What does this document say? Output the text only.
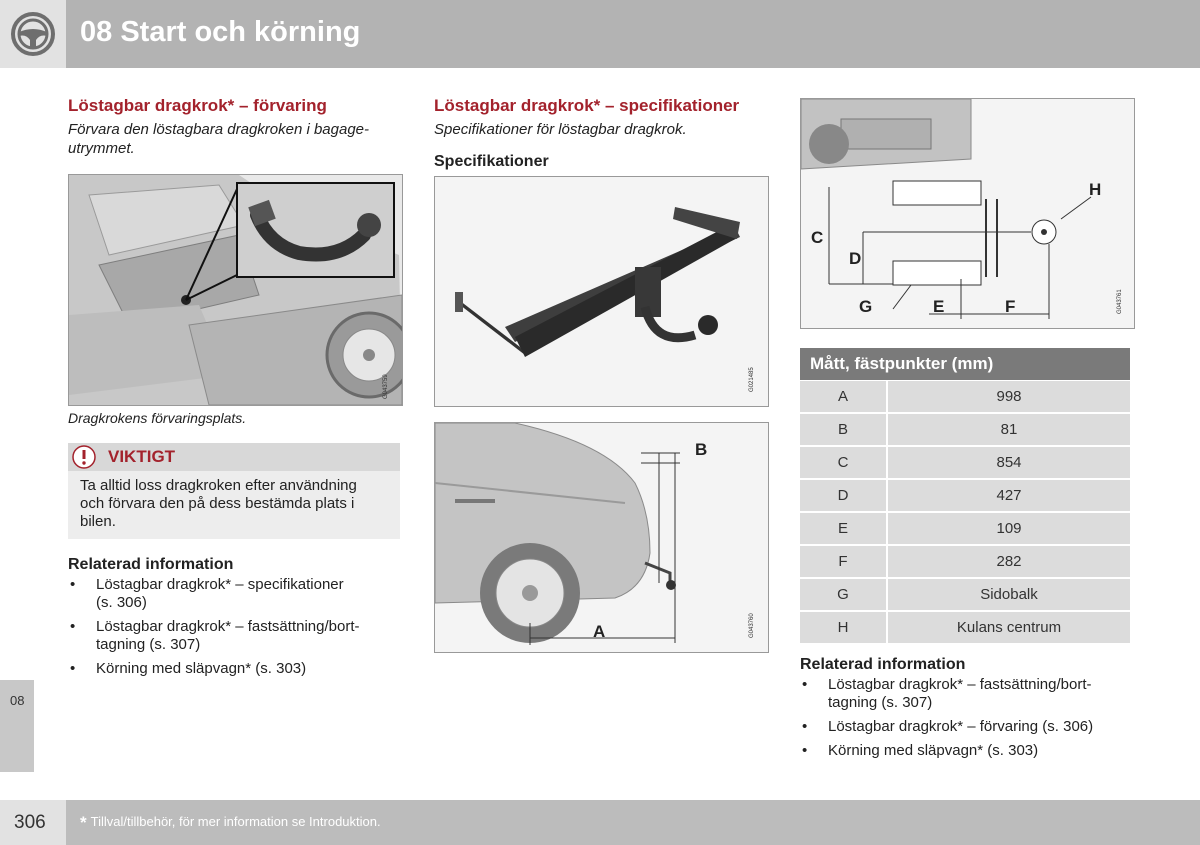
08 Start och körning
Löstagbar dragkrok* – förvaring
Förvara den löstagbara dragkroken i bagage-
utrymmet.
G043759
Dragkrokens förvaringsplats.
VIKTIGT
Ta alltid loss dragkroken efter användning
och förvara den på dess bestämda plats i
bilen.
Relaterad information
• Löstagbar dragkrok* – specifikationer
(s. 306)
• Löstagbar dragkrok* – fastsättning/bort-
tagning (s. 307)
• Körning med släpvagn* (s. 303)
Löstagbar dragkrok* – specifikationer
Specifikationer för löstagbar dragkrok.
Specifikationer
G021485
B
A	G043760
C
D
E	F
G
H
G043761
Mått, fästpunkter (mm)
A	998
B	81
C	854
D	427
E	109
F	282
G	Sidobalk
H	Kulans centrum
Relaterad information
• Löstagbar dragkrok* – fastsättning/bort-
tagning (s. 307)
• Löstagbar dragkrok* – förvaring (s. 306)
• Körning med släpvagn* (s. 303)
08
306 * Tillval/tillbehör, för mer information se Introduktion.
